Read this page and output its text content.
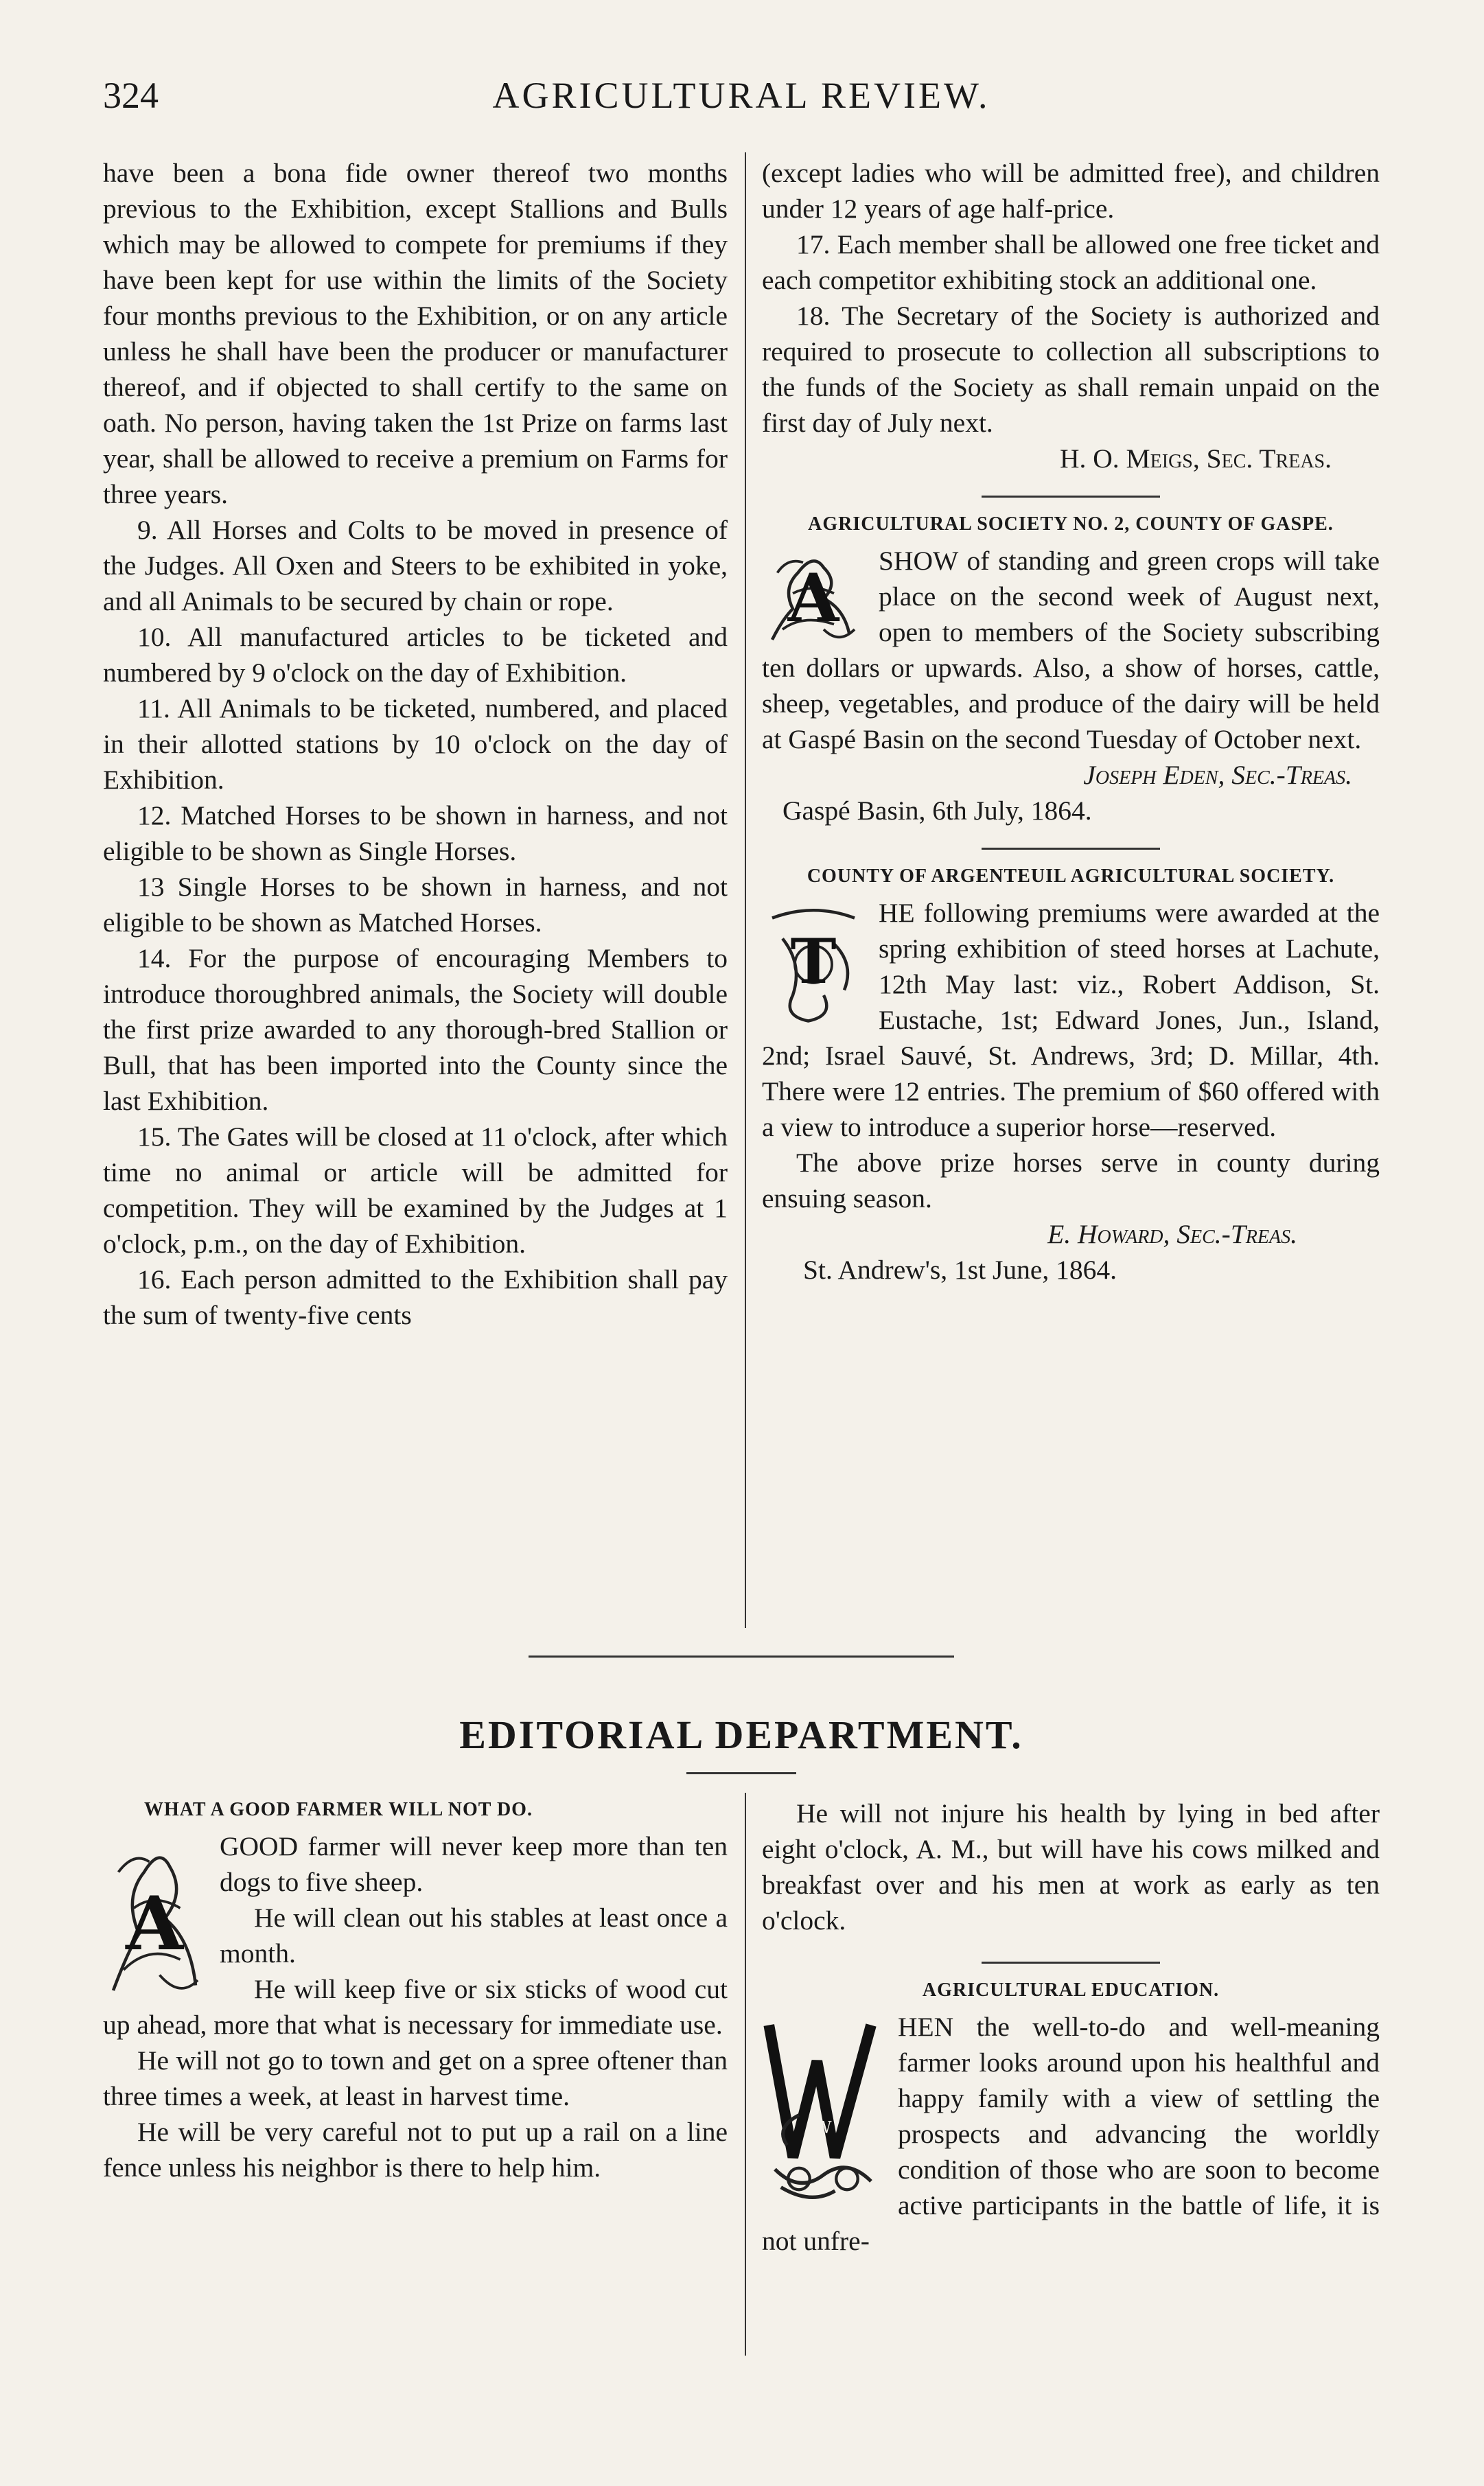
324	AGRICULTURAL REVIEW.

have been a bona fide owner thereof two months previous to the Exhibition, except Stallions and Bulls which may be allowed to compete for premiums if they have been kept for use within the limits of the Society four months previous to the Exhibition, or on any article unless he shall have been the producer or manufacturer thereof, and if objected to shall certify to the same on oath. No person, having taken the 1st Prize on farms last year, shall be allowed to receive a premium on Farms for three years.

9. All Horses and Colts to be moved in presence of the Judges. All Oxen and Steers to be exhibited in yoke, and all Animals to be secured by chain or rope.

10. All manufactured articles to be ticketed and numbered by 9 o'clock on the day of Exhibition.

11. All Animals to be ticketed, numbered, and placed in their allotted stations by 10 o'clock on the day of Exhibition.

12. Matched Horses to be shown in harness, and not eligible to be shown as Single Horses.

13 Single Horses to be shown in harness, and not eligible to be shown as Matched Horses.

14. For the purpose of encouraging Members to introduce thoroughbred animals, the Society will double the first prize awarded to any thorough-bred Stallion or Bull, that has been imported into the County since the last Exhibition.

15. The Gates will be closed at 11 o'clock, after which time no animal or article will be admitted for competition. They will be examined by the Judges at 1 o'clock, p.m., on the day of Exhibition.

16. Each person admitted to the Exhibition shall pay the sum of twenty-five cents

(except ladies who will be admitted free), and children under 12 years of age half-price.

17. Each member shall be allowed one free ticket and each competitor exhibiting stock an additional one.

18. The Secretary of the Society is authorized and required to prosecute to collection all subscriptions to the funds of the Society as shall remain unpaid on the first day of July next.

H. O. Meigs, Sec. Treas.

AGRICULTURAL SOCIETY NO. 2, COUNTY OF GASPE.
A	SHOW of standing and green crops will take place on the second week of August next, open to members of the Society subscribing ten dollars or upwards. Also, a show of horses, cattle, sheep, vegetables, and produce of the dairy will be held at Gaspé Basin on the second Tuesday of October next.

Joseph Eden, Sec.-Treas.

Gaspé Basin, 6th July, 1864.

COUNTY OF ARGENTEUIL AGRICULTURAL SOCIETY.
T

HE following premiums were awarded at the spring exhibition of steed horses at Lachute, 12th May last: viz., Robert Addison, St. Eustache, 1st; Edward Jones, Jun., Island, 2nd; Israel Sauvé, St. Andrews, 3rd; D. Millar, 4th. There were 12 entries. The premium of $60 offered with a view to introduce a superior horse—reserved.

The above prize horses serve in county during ensuing season.

E. Howard, Sec.-Treas.

St. Andrew's, 1st June, 1864.

EDITORIAL DEPARTMENT.
WHAT A GOOD FARMER WILL NOT DO.
A

GOOD farmer will never keep more than ten dogs to five sheep.

He will clean out his stables at least once a month.

He will keep five or six sticks of wood cut up ahead, more that what is necessary for immediate use.

He will not go to town and get on a spree oftener than three times a week, at least in harvest time.

He will be very careful not to put up a rail on a line fence unless his neighbor is there to help him.

He will not injure his health by lying in bed after eight o'clock, A. M., but will have his cows milked and breakfast over and his men at work as early as ten o'clock.

AGRICULTURAL EDUCATION.
W

HEN the well-to-do and well-meaning farmer looks around upon his healthful and happy family with a view of settling the prospects and advancing the worldly condition of those who are soon to become active participants in the battle of life, it is not unfre-
